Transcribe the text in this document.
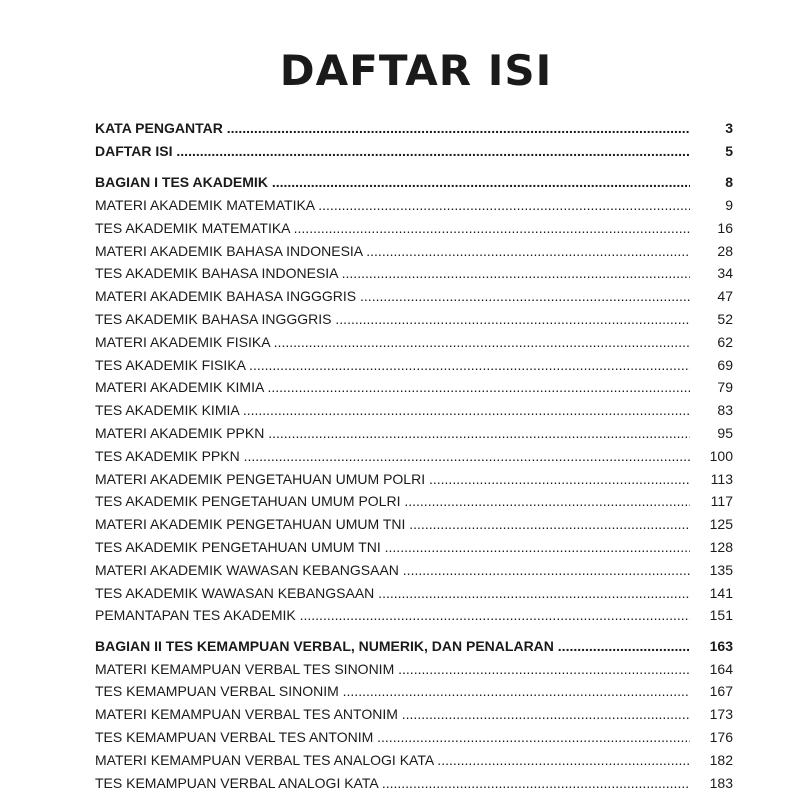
DAFTAR ISI
KATA PENGANTAR .....	3
DAFTAR ISI .....	5
BAGIAN I TES AKADEMIK .....	8
MATERI AKADEMIK MATEMATIKA .....	9
TES AKADEMIK MATEMATIKA .....	16
MATERI AKADEMIK BAHASA INDONESIA .....	28
TES AKADEMIK BAHASA INDONESIA .....	34
MATERI AKADEMIK BAHASA INGGGRIS .....	47
TES AKADEMIK BAHASA INGGGRIS .....	52
MATERI AKADEMIK FISIKA .....	62
TES AKADEMIK FISIKA .....	69
MATERI AKADEMIK KIMIA .....	79
TES AKADEMIK KIMIA .....	83
MATERI AKADEMIK PPKN .....	95
TES AKADEMIK PPKN .....	100
MATERI AKADEMIK PENGETAHUAN UMUM POLRI .....	113
TES AKADEMIK PENGETAHUAN UMUM POLRI .....	117
MATERI AKADEMIK PENGETAHUAN UMUM TNI .....	125
TES AKADEMIK PENGETAHUAN UMUM TNI .....	128
MATERI AKADEMIK WAWASAN KEBANGSAAN .....	135
TES AKADEMIK WAWASAN KEBANGSAAN .....	141
PEMANTAPAN TES AKADEMIK .....	151
BAGIAN II TES KEMAMPUAN VERBAL, NUMERIK, DAN PENALARAN .....	163
MATERI KEMAMPUAN VERBAL TES SINONIM .....	164
TES KEMAMPUAN VERBAL SINONIM .....	167
MATERI KEMAMPUAN VERBAL TES ANTONIM .....	173
TES KEMAMPUAN VERBAL TES ANTONIM .....	176
MATERI KEMAMPUAN VERBAL TES ANALOGI KATA .....	182
TES KEMAMPUAN VERBAL ANALOGI KATA .....	183
